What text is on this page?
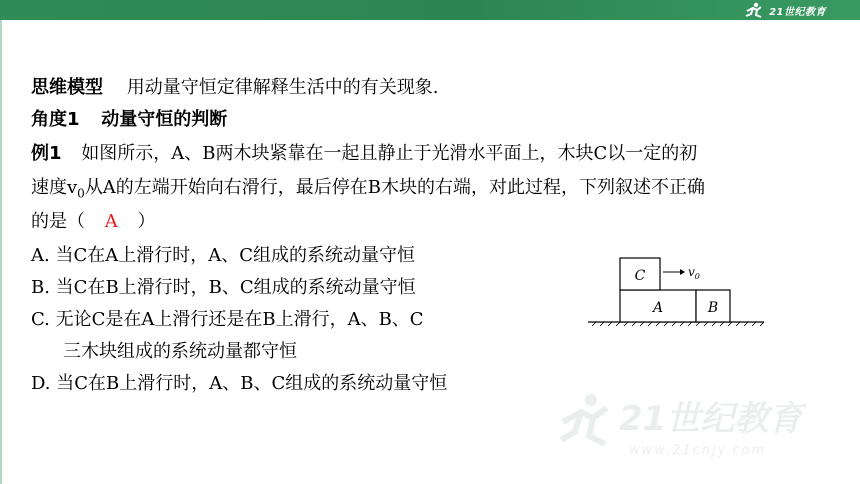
21世纪教育
思维模型 用动量守恒定律解释生活中的有关现象.
角度1 动量守恒的判断
例1 如图所示，A、B两木块紧靠在一起且静止于光滑水平面上，木块C以一定的初
速度$v_0$从A的左端开始向右滑行，最后停在B木块的右端，对此过程，下列叙述不正确
的是（ A ）
A. 当C在A上滑行时，A、C组成的系统动量守恒
B. 当C在B上滑行时，B、C组成的系统动量守恒
C. 无论C是在A上滑行还是在B上滑行，A、B、C
三木块组成的系统动量都守恒
D. 当C在B上滑行时，A、B、C组成的系统动量守恒
A	B
C	$v_0$
21世纪教育
www.21cnjy.com
